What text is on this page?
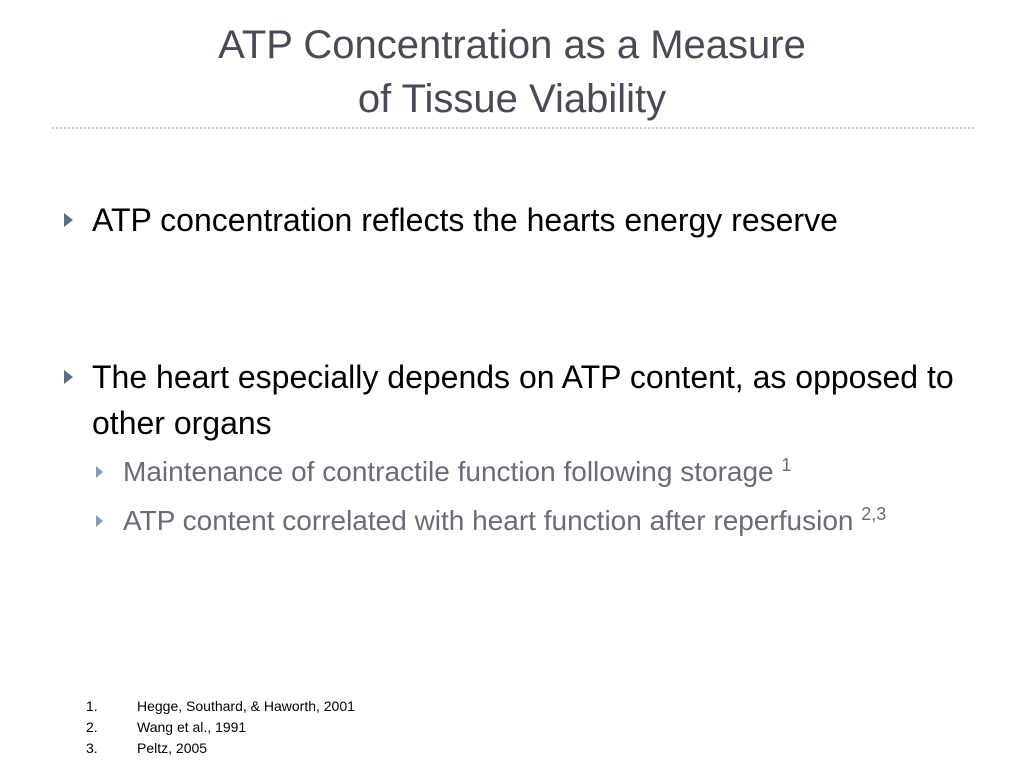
ATP Concentration as a Measure
of Tissue Viability
ATP concentration reflects the hearts energy reserve
The heart especially depends on ATP content, as opposed to other organs
Maintenance of contractile function following storage $^1$
ATP content correlated with heart function after reperfusion $^{2,3}$
1.	Hegge, Southard, & Haworth, 2001
2.	Wang et al., 1991
3.	Peltz, 2005
